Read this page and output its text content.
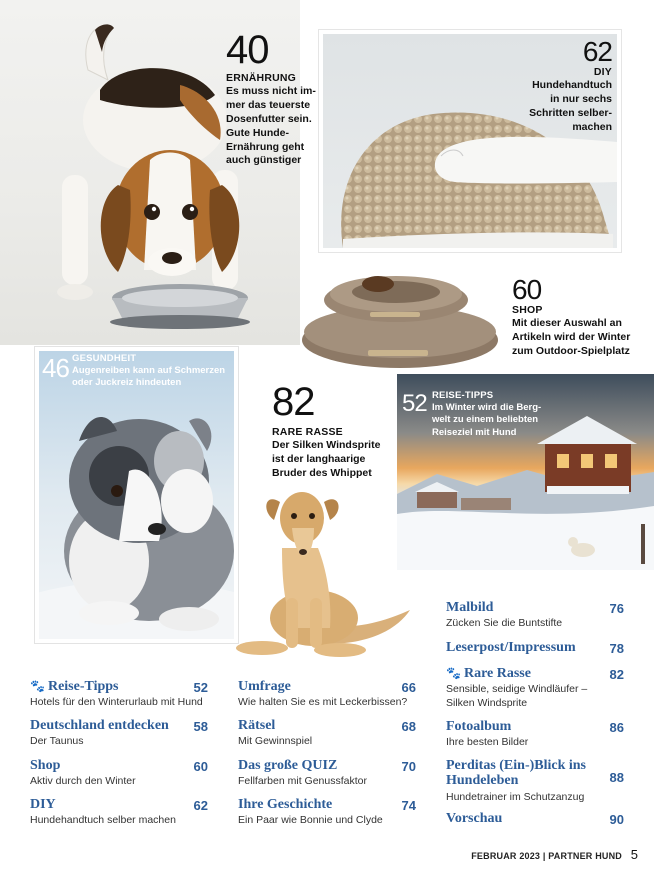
40
ERNÄHRUNG
Es muss nicht im-
mer das teuerste
Dosenfutter sein.
Gute Hunde-
Ernährung geht
auch günstiger
62
DIY
Hundehandtuch
in nur sechs
Schritten selber-
machen
60
SHOP
Mit dieser Auswahl an
Artikeln wird der Winter
zum Outdoor-Spielplatz
46 GESUNDHEIT
Augenreiben kann auf Schmerzen
oder Juckreiz hindeuten	82
RARE RASSE
Der Silken Windsprite
ist der langhaarige
Bruder des Whippet
52 REISE-TIPPS
Im Winter wird die Berg-
welt zu einem beliebten
Reiseziel mit Hund
🐾 Reise-Tipps	52
Hotels für den Winterurlaub mit Hund
Deutschland entdecken	58
Der Taunus
Shop	60
Aktiv durch den Winter
DIY	62
Hundehandtuch selber machen
Umfrage	66
Wie halten Sie es mit Leckerbissen?
Rätsel	68
Mit Gewinnspiel
Das große QUIZ	70
Fellfarben mit Genussfaktor
Ihre Geschichte	74
Ein Paar wie Bonnie und Clyde
Malbild	76
Zücken Sie die Buntstifte
Leserpost/Impressum	78
🐾 Rare Rasse	82
Sensible, seidige Windläufer –
Silken Windsprite
Fotoalbum	86
Ihre besten Bilder
Perditas (Ein-)Blick ins
Hundeleben	88
Hundetrainer im Schutzanzug
Vorschau	90
FEBRUAR 2023 | PARTNER HUND 5
